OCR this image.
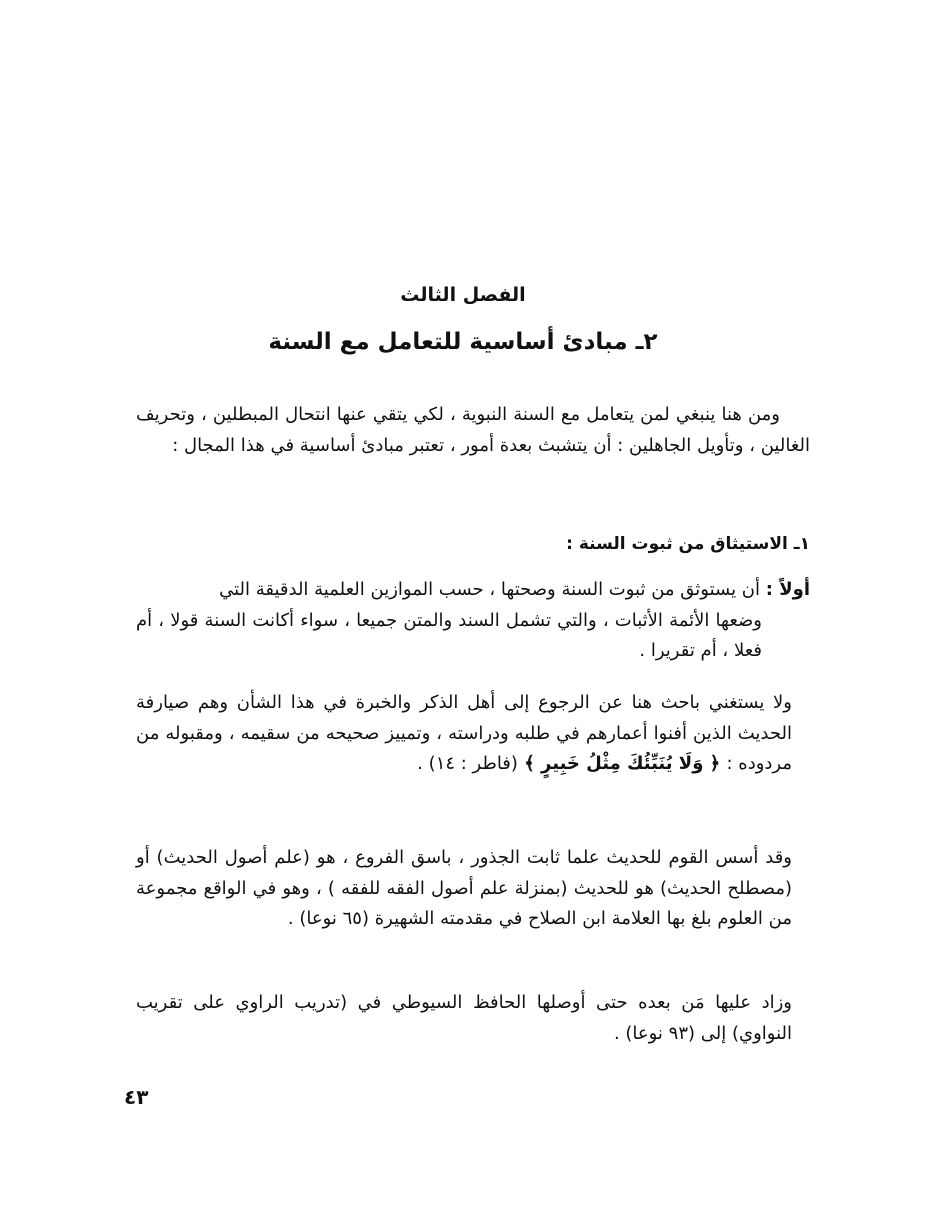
الفصل الثالث
٢ـ مبادئ أساسية للتعامل مع السنة
ومن هنا ينبغي لمن يتعامل مع السنة النبوية ، لكي يتقي عنها انتحال المبطلين ، وتحريف الغالين ، وتأويل الجاهلين : أن يتشبث بعدة أمور ، تعتبر مبادئ أساسية في هذا المجال :
١ـ الاستيثاق من ثبوت السنة :
أولاً : أن يستوثق من ثبوت السنة وصحتها ، حسب الموازين العلمية الدقيقة التي
وضعها الأئمة الأثبات ، والتي تشمل السند والمتن جميعا ، سواء أكانت السنة قولا ، أم فعلا ، أم تقريرا .
ولا يستغني باحث هنا عن الرجوع إلى أهل الذكر والخبرة في هذا الشأن وهم صيارفة الحديث الذين أفنوا أعمارهم في طلبه ودراسته ، وتمييز صحيحه من سقيمه ، ومقبوله من مردوده : ﴿ وَلَا يُنَبِّئُكَ مِثْلُ خَبِيرٍ ﴾ (فاطر : ١٤) .
وقد أسس القوم للحديث علما ثابت الجذور ، باسق الفروع ، هو (علم أصول الحديث) أو (مصطلح الحديث) هو للحديث (بمنزلة علم أصول الفقه للفقه ) ، وهو في الواقع مجموعة من العلوم بلغ بها العلامة ابن الصلاح في مقدمته الشهيرة (٦٥ نوعا) .
وزاد عليها مَن بعده حتى أوصلها الحافظ السيوطي في (تدريب الراوي على تقريب النواوي) إلى (٩٣ نوعا) .
٤٣
